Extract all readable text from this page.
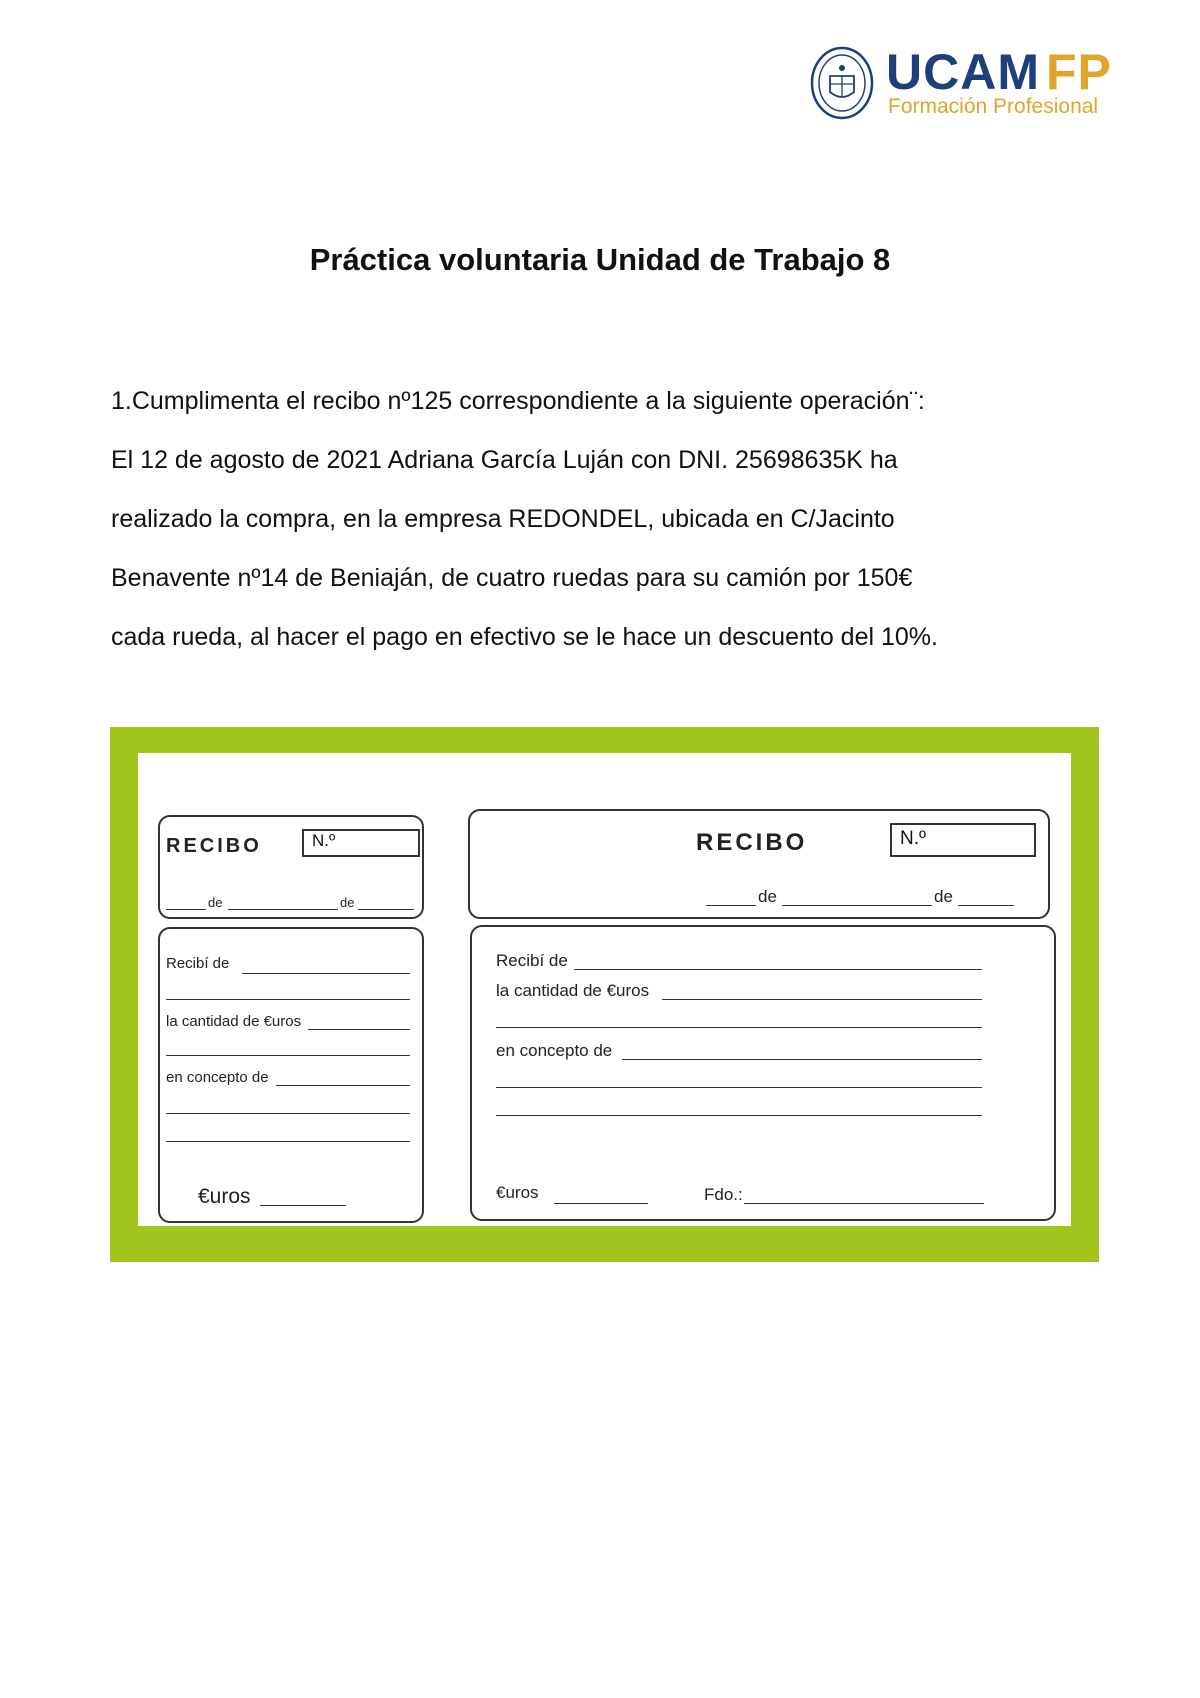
UCAM FP
Formación Profesional
Práctica voluntaria Unidad de Trabajo 8

1.Cumplimenta el recibo nº125 correspondiente a la siguiente operación¨:

El 12 de agosto de 2021 Adriana García Luján con DNI. 25698635K ha

realizado la compra, en la empresa REDONDEL, ubicada en C/Jacinto

Benavente nº14 de Beniaján, de cuatro ruedas para su camión por 150€

cada rueda, al hacer el pago en efectivo se le hace un descuento del 10%.

RECIBO	N.º
de	de
Recibí de
la cantidad de €uros
en concepto de
€uros
RECIBO	N.º
de	de
Recibí de
la cantidad de €uros
en concepto de
€uros	Fdo.:
